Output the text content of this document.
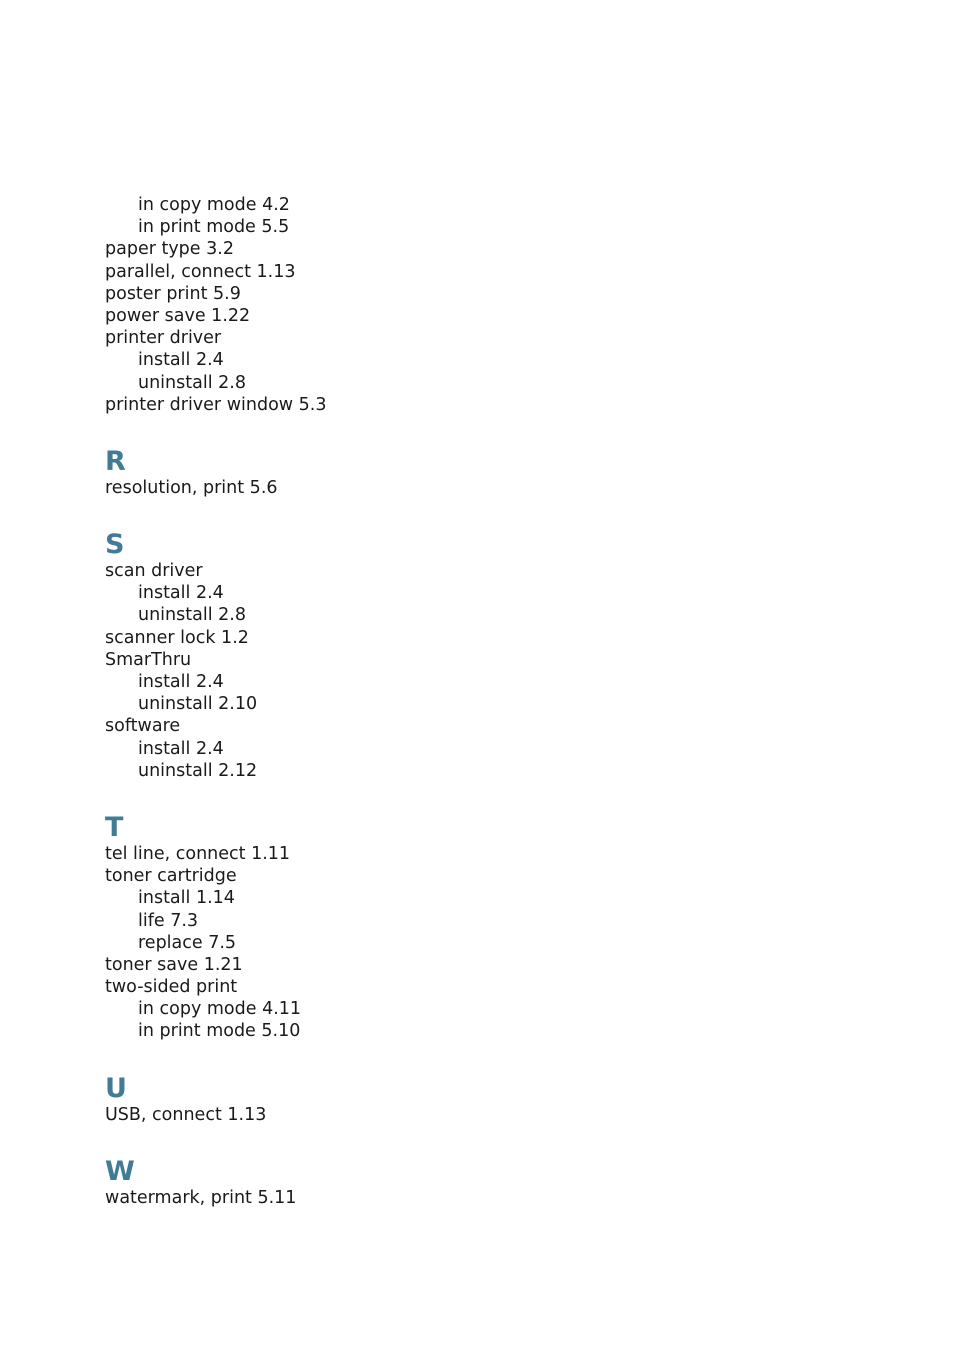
in copy mode 4.2
in print mode 5.5
paper type 3.2
parallel, connect 1.13
poster print 5.9
power save 1.22
printer driver
install 2.4
uninstall 2.8
printer driver window 5.3
R
resolution, print 5.6
S
scan driver
install 2.4
uninstall 2.8
scanner lock 1.2
SmarThru
install 2.4
uninstall 2.10
software
install 2.4
uninstall 2.12
T
tel line, connect 1.11
toner cartridge
install 1.14
life 7.3
replace 7.5
toner save 1.21
two-sided print
in copy mode 4.11
in print mode 5.10
U
USB, connect 1.13
W
watermark, print 5.11
